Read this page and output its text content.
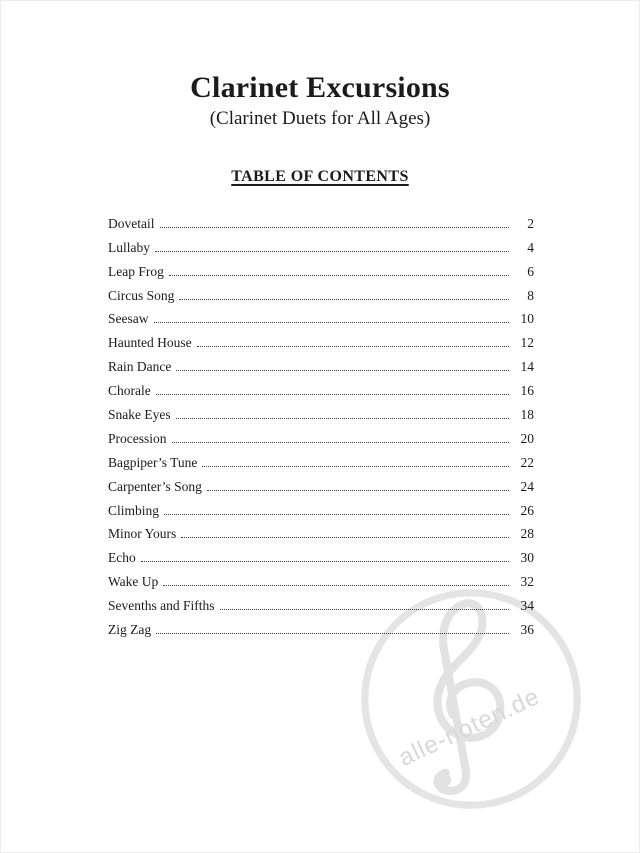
alle-noten.de
Clarinet Excursions
(Clarinet Duets for All Ages)
TABLE OF CONTENTS
Dovetail	2
Lullaby	4
Leap Frog	6
Circus Song	8
Seesaw	10
Haunted House	12
Rain Dance	14
Chorale	16
Snake Eyes	18
Procession	20
Bagpiper’s Tune	22
Carpenter’s Song	24
Climbing	26
Minor Yours	28
Echo	30
Wake Up	32
Sevenths and Fifths	34
Zig Zag	36
